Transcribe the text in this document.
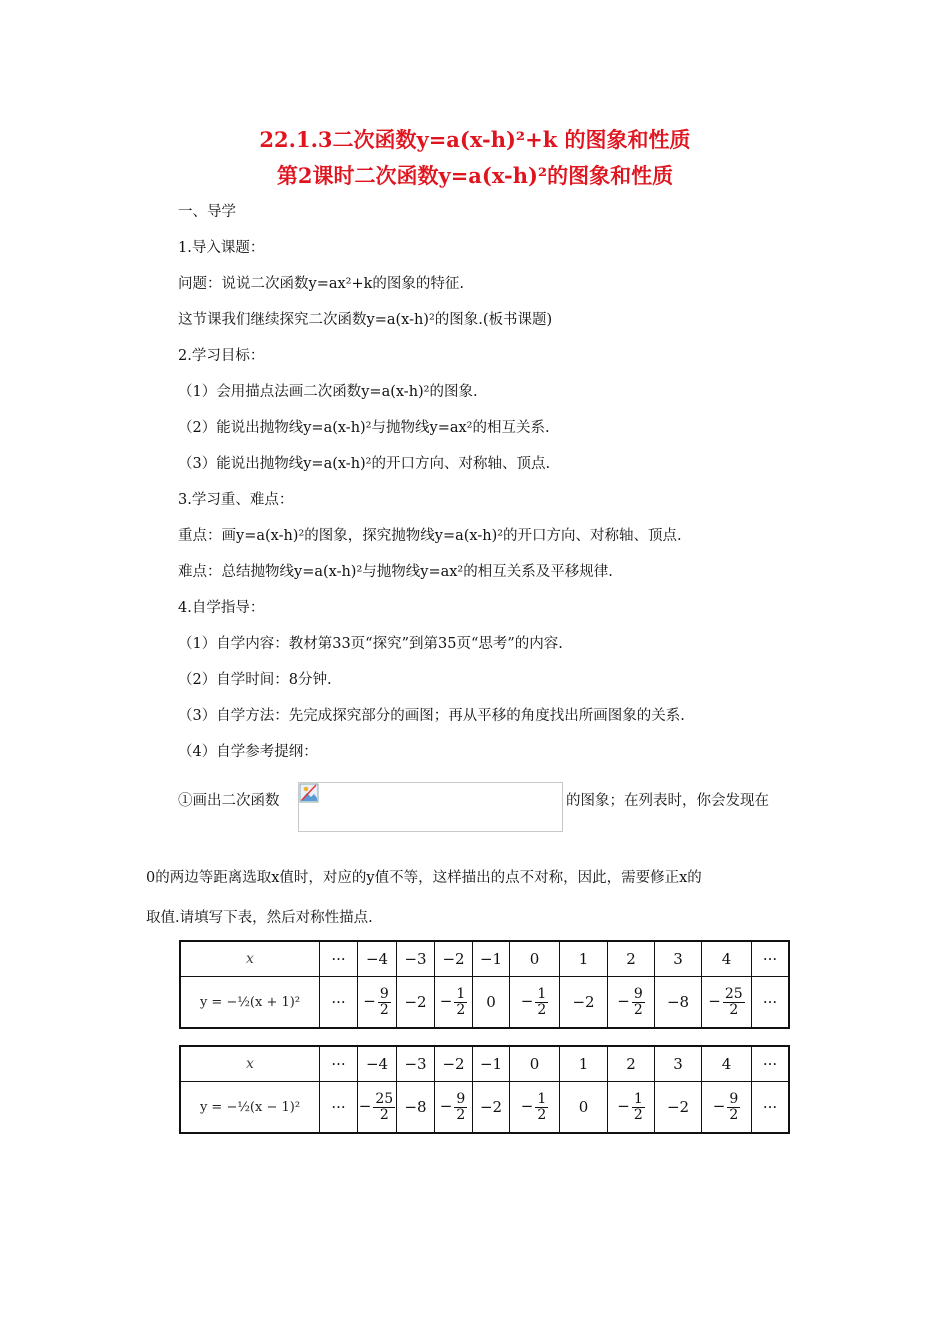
22.1.3二次函数y=a(x-h)²+k 的图象和性质
第2课时二次函数y=a(x-h)²的图象和性质
一、导学
1.导入课题：
问题：说说二次函数y=ax²+k的图象的特征.
这节课我们继续探究二次函数y=a(x-h)²的图象.(板书课题)
2.学习目标：
（1）会用描点法画二次函数y=a(x-h)²的图象.
（2）能说出抛物线y=a(x-h)²与抛物线y=ax²的相互关系.
（3）能说出抛物线y=a(x-h)²的开口方向、对称轴、顶点.
3.学习重、难点：
重点：画y=a(x-h)²的图象，探究抛物线y=a(x-h)²的开口方向、对称轴、顶点.
难点：总结抛物线y=a(x-h)²与抛物线y=ax²的相互关系及平移规律.
4.自学指导：
（1）自学内容：教材第33页“探究”到第35页“思考”的内容.
（2）自学时间：8分钟.
（3）自学方法：先完成探究部分的画图；再从平移的角度找出所画图象的关系.
（4）自学参考提纲：
①画出二次函数	的图象；在列表时，你会发现在
0的两边等距离选取x值时，对应的y值不等，这样描出的点不对称，因此，需要修正x的
取值.请填写下表，然后对称性描点.
x	···	−4	−3	−2	−1	0	1	2	3	4	···
y = −½(x + 1)²	···	− $\frac{9}{2}$	−2	− $\frac{1}{2}$	0	− $\frac{1}{2}$	−2	− $\frac{9}{2}$	−8	− $\frac{25}{2}$	···
x	···	−4	−3	−2	−1	0	1	2	3	4	···
y = −½(x − 1)²	···	− $\frac{25}{2}$	−8	− $\frac{9}{2}$	−2	− $\frac{1}{2}$	0	− $\frac{1}{2}$	−2	− $\frac{9}{2}$	···
